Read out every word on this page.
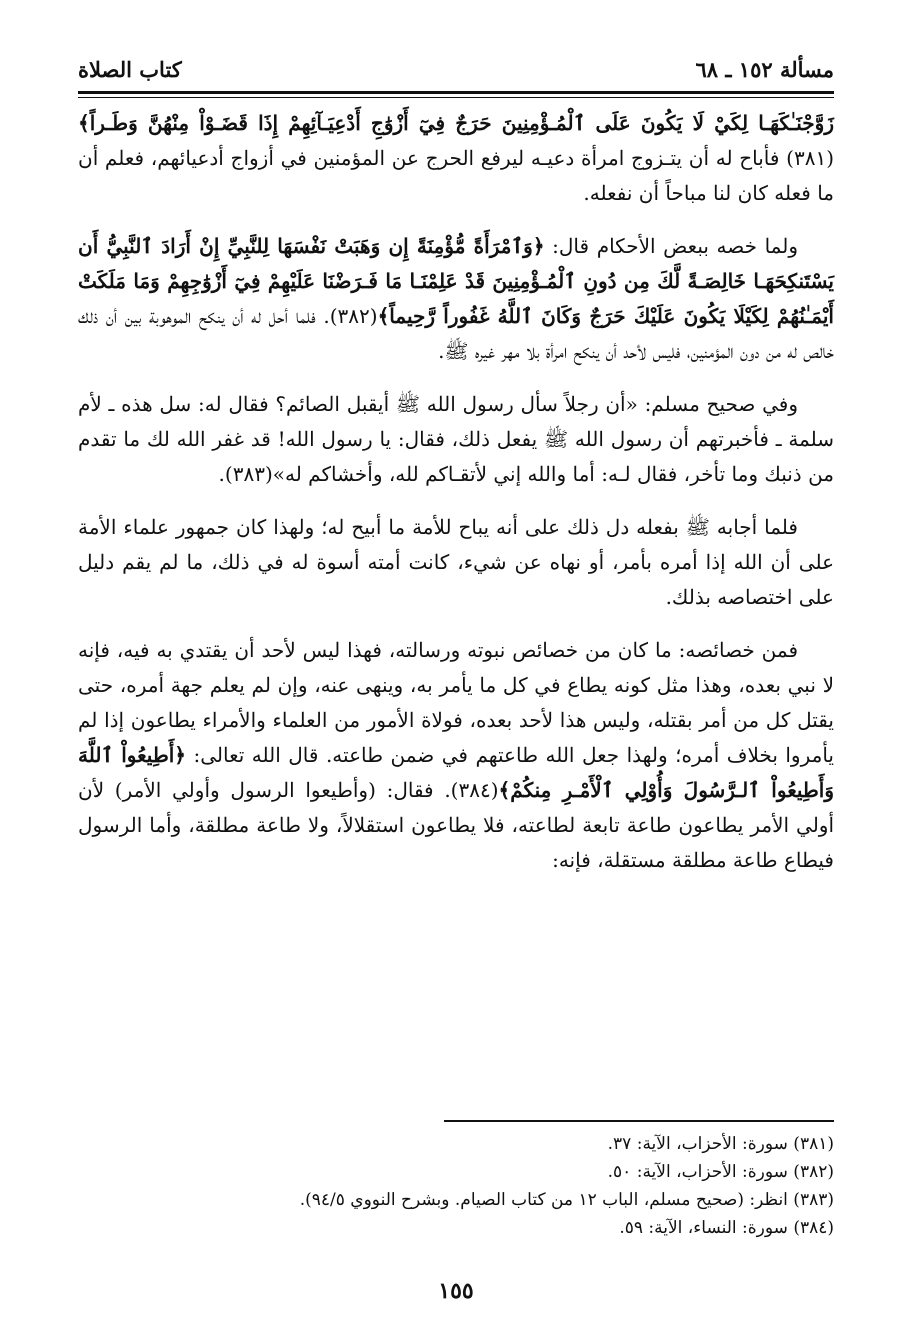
مسألة ١٥٢ ـ ٦٨
كتاب الصلاة

زَوَّجْنَـٰكَهَـا لِكَيْ لَا يَكُونَ عَلَى ٱلْمُـؤْمِنِينَ حَرَجٌ فِيٓ أَزْوَٰجِ أَدْعِيَـآئِهِمْ إِذَا قَضَـوْاْ مِنْهُنَّ وَطَـراً﴾(٣٨١) فأباح له أن يتـزوج امرأة دعيـه ليرفع الحرج عن المؤمنين في أزواج أدعيائهم، فعلم أن ما فعله كان لنا مباحاً أن نفعله.

ولما خصه ببعض الأحكام قال: ﴿وَٱمْرَأَةً مُّؤْمِنَةً إِن وَهَبَتْ نَفْسَهَا لِلنَّبِيِّ إِنْ أَرَادَ ٱلنَّبِيُّ أَن يَسْتَنكِحَهَـا خَالِصَـةً لَّكَ مِن دُونِ ٱلْمُـؤْمِنِينَ قَدْ عَلِمْنَـا مَا فَـرَضْنَا عَلَيْهِمْ فِيٓ أَزْوَٰجِهِمْ وَمَا مَلَكَتْ أَيْمَـٰنُهُمْ لِكَيْلَا يَكُونَ عَلَيْكَ حَرَجٌ وَكَانَ ٱللَّهُ غَفُوراً رَّحِيماً﴾(٣٨٢). فلما أحل له أن ينكح الموهوبة بين أن ذلك خالص له من دون المؤمنين، فليس لأحد أن ينكح امرأة بلا مهر غيره ﷺ.

وفي صحيح مسلم: «أن رجلاً سأل رسول الله ﷺ أيقبل الصائم؟ فقال له: سل هذه ـ لأم سلمة ـ فأخبرتهم أن رسول الله ﷺ يفعل ذلك، فقال: يا رسول الله! قد غفر الله لك ما تقدم من ذنبك وما تأخر، فقال لـه: أما والله إني لأتقـاكم لله، وأخشاكم له»(٣٨٣).

فلما أجابه ﷺ بفعله دل ذلك على أنه يباح للأمة ما أبيح له؛ ولهذا كان جمهور علماء الأمة على أن الله إذا أمره بأمر، أو نهاه عن شيء، كانت أمته أسوة له في ذلك، ما لم يقم دليل على اختصاصه بذلك.

فمن خصائصه: ما كان من خصائص نبوته ورسالته، فهذا ليس لأحد أن يقتدي به فيه، فإنه لا نبي بعده، وهذا مثل كونه يطاع في كل ما يأمر به، وينهى عنه، وإن لم يعلم جهة أمره، حتى يقتل كل من أمر بقتله، وليس هذا لأحد بعده، فولاة الأمور من العلماء والأمراء يطاعون إذا لم يأمروا بخلاف أمره؛ ولهذا جعل الله طاعتهم في ضمن طاعته. قال الله تعالى: ﴿أَطِيعُواْ ٱللَّهَ وَأَطِيعُواْ ٱلـرَّسُولَ وَأُوْلِي ٱلْأَمْـرِ مِنكُمْ﴾(٣٨٤). فقال: (وأطيعوا الرسول وأولي الأمر) لأن أولي الأمر يطاعون طاعة تابعة لطاعته، فلا يطاعون استقلالاً، ولا طاعة مطلقة، وأما الرسول فيطاع طاعة مطلقة مستقلة، فإنه:

(٣٨١) سورة: الأحزاب، الآية: ٣٧.
(٣٨٢) سورة: الأحزاب، الآية: ٥٠.
(٣٨٣) انظر: (صحيح مسلم، الباب ١٢ من كتاب الصيام. وبشرح النووي ٩٤/٥).
(٣٨٤) سورة: النساء، الآية: ٥٩.
١٥٥
